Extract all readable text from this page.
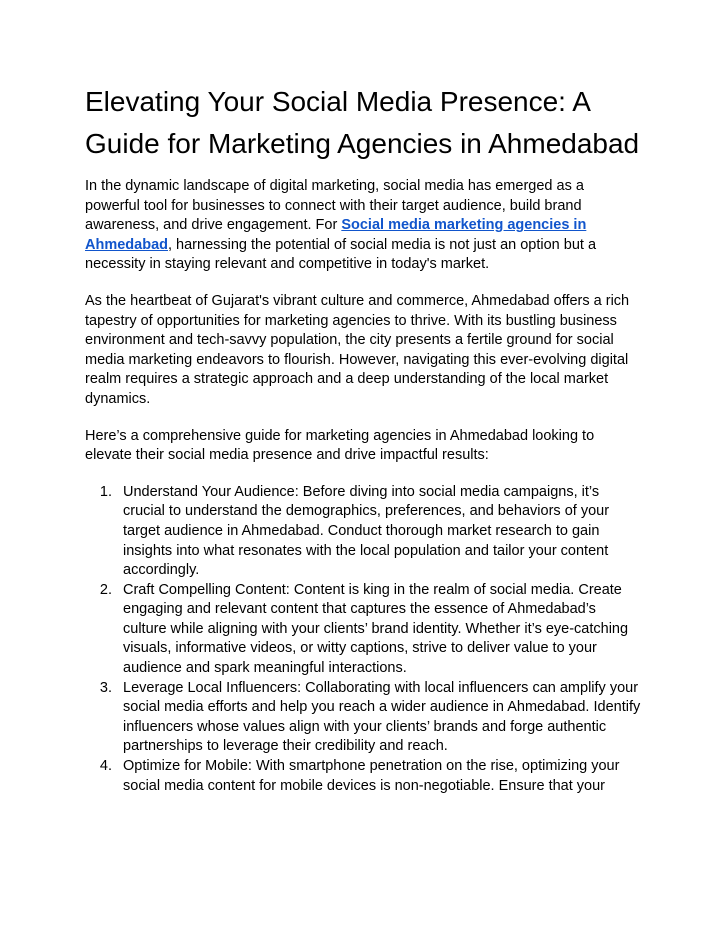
Elevating Your Social Media Presence: A Guide for Marketing Agencies in Ahmedabad

In the dynamic landscape of digital marketing, social media has emerged as a powerful tool for businesses to connect with their target audience, build brand awareness, and drive engagement. For Social media marketing agencies in Ahmedabad, harnessing the potential of social media is not just an option but a necessity in staying relevant and competitive in today's market.

As the heartbeat of Gujarat's vibrant culture and commerce, Ahmedabad offers a rich tapestry of opportunities for marketing agencies to thrive. With its bustling business environment and tech-savvy population, the city presents a fertile ground for social media marketing endeavors to flourish. However, navigating this ever-evolving digital realm requires a strategic approach and a deep understanding of the local market dynamics.

Here’s a comprehensive guide for marketing agencies in Ahmedabad looking to elevate their social media presence and drive impactful results:

1. Understand Your Audience: Before diving into social media campaigns, it’s crucial to understand the demographics, preferences, and behaviors of your target audience in Ahmedabad. Conduct thorough market research to gain insights into what resonates with the local population and tailor your content accordingly.
2. Craft Compelling Content: Content is king in the realm of social media. Create engaging and relevant content that captures the essence of Ahmedabad’s culture while aligning with your clients’ brand identity. Whether it’s eye-catching visuals, informative videos, or witty captions, strive to deliver value to your audience and spark meaningful interactions.
3. Leverage Local Influencers: Collaborating with local influencers can amplify your social media efforts and help you reach a wider audience in Ahmedabad. Identify influencers whose values align with your clients’ brands and forge authentic partnerships to leverage their credibility and reach.
4. Optimize for Mobile: With smartphone penetration on the rise, optimizing your social media content for mobile devices is non-negotiable. Ensure that your
